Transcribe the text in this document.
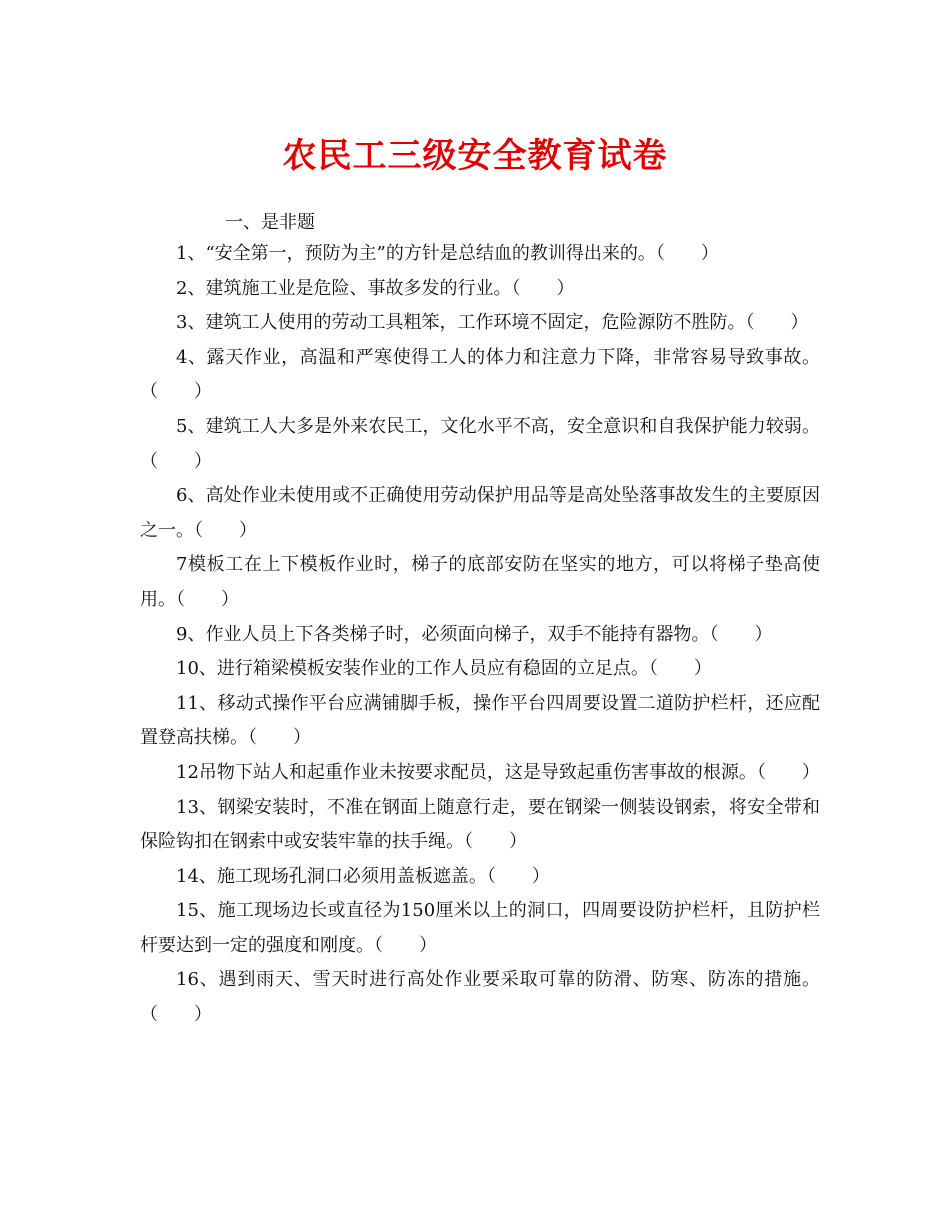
农民工三级安全教育试卷
一、是非题

1、“安全第一，预防为主”的方针是总结血的教训得出来的。（　　）

2、建筑施工业是危险、事故多发的行业。（　　）

3、建筑工人使用的劳动工具粗笨，工作环境不固定，危险源防不胜防。（　　）

4、露天作业，高温和严寒使得工人的体力和注意力下降，非常容易导致事故。（　　）

5、建筑工人大多是外来农民工，文化水平不高，安全意识和自我保护能力较弱。（　　）

6、高处作业未使用或不正确使用劳动保护用品等是高处坠落事故发生的主要原因之一。（　　）

7模板工在上下模板作业时，梯子的底部安防在坚实的地方，可以将梯子垫高使用。（　　）

9、作业人员上下各类梯子时，必须面向梯子，双手不能持有器物。（　　）

10、进行箱梁模板安装作业的工作人员应有稳固的立足点。（　　）

11、移动式操作平台应满铺脚手板，操作平台四周要设置二道防护栏杆，还应配置登高扶梯。（　　）

12吊物下站人和起重作业未按要求配员，这是导致起重伤害事故的根源。（　　）

13、钢梁安装时，不准在钢面上随意行走，要在钢梁一侧装设钢索，将安全带和保险钩扣在钢索中或安装牢靠的扶手绳。（　　）

14、施工现场孔洞口必须用盖板遮盖。（　　）

15、施工现场边长或直径为150厘米以上的洞口，四周要设防护栏杆，且防护栏杆要达到一定的强度和刚度。（　　）

16、遇到雨天、雪天时进行高处作业要采取可靠的防滑、防寒、防冻的措施。（　　）
